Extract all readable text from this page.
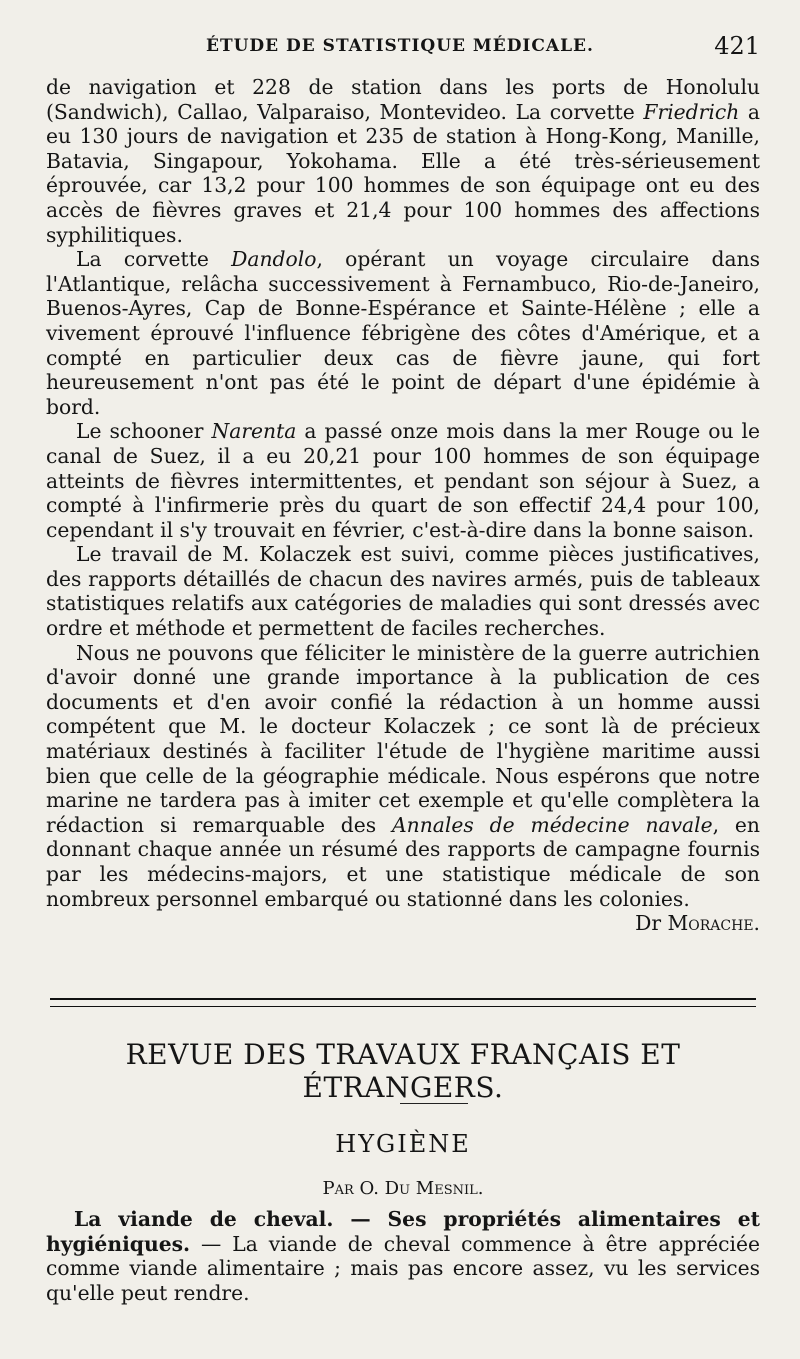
ÉTUDE DE STATISTIQUE MÉDICALE.	421

de navigation et 228 de station dans les ports de Honolulu (Sandwich), Callao, Valparaiso, Montevideo. La corvette Friedrich a eu 130 jours de navigation et 235 de station à Hong-Kong, Manille, Batavia, Singapour, Yokohama. Elle a été très-sérieusement éprouvée, car 13,2 pour 100 hommes de son équipage ont eu des accès de fièvres graves et 21,4 pour 100 hommes des affections syphilitiques.

La corvette Dandolo, opérant un voyage circulaire dans l'Atlantique, relâcha successivement à Fernambuco, Rio-de-Janeiro, Buenos-Ayres, Cap de Bonne-Espérance et Sainte-Hélène ; elle a vivement éprouvé l'influence fébrigène des côtes d'Amérique, et a compté en particulier deux cas de fièvre jaune, qui fort heureusement n'ont pas été le point de départ d'une épidémie à bord.

Le schooner Narenta a passé onze mois dans la mer Rouge ou le canal de Suez, il a eu 20,21 pour 100 hommes de son équipage atteints de fièvres intermittentes, et pendant son séjour à Suez, a compté à l'infirmerie près du quart de son effectif 24,4 pour 100, cependant il s'y trouvait en février, c'est-à-dire dans la bonne saison.

Le travail de M. Kolaczek est suivi, comme pièces justificatives, des rapports détaillés de chacun des navires armés, puis de tableaux statistiques relatifs aux catégories de maladies qui sont dressés avec ordre et méthode et permettent de faciles recherches.

Nous ne pouvons que féliciter le ministère de la guerre autrichien d'avoir donné une grande importance à la publication de ces documents et d'en avoir confié la rédaction à un homme aussi compétent que M. le docteur Kolaczek ; ce sont là de précieux matériaux destinés à faciliter l'étude de l'hygiène maritime aussi bien que celle de la géographie médicale. Nous espérons que notre marine ne tardera pas à imiter cet exemple et qu'elle complètera la rédaction si remarquable des Annales de médecine navale, en donnant chaque année un résumé des rapports de campagne fournis par les médecins-majors, et une statistique médicale de son nombreux personnel embarqué ou stationné dans les colonies.

Dr Morache.
REVUE DES TRAVAUX FRANÇAIS ET ÉTRANGERS.
HYGIÈNE
Par O. Du Mesnil.

La viande de cheval. — Ses propriétés alimentaires et hygiéniques. — La viande de cheval commence à être appréciée comme viande alimentaire ; mais pas encore assez, vu les services qu'elle peut rendre.
